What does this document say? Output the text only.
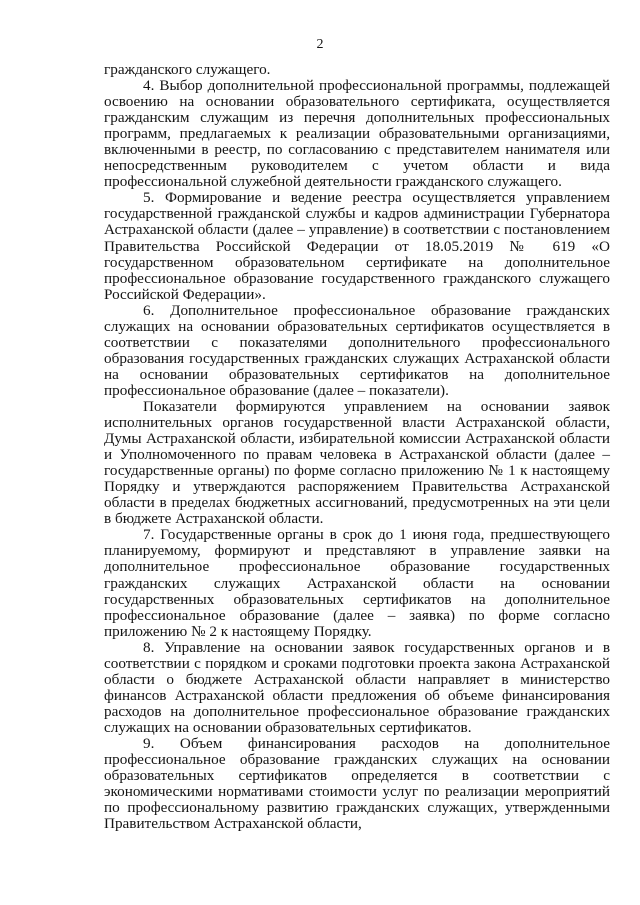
2

гражданского служащего.

4. Выбор дополнительной профессиональной программы, подлежащей освоению на основании образовательного сертификата, осуществляется гражданским служащим из перечня дополнительных профессиональных программ, предлагаемых к реализации образовательными организациями, включенными в реестр, по согласованию с представителем нанимателя или непосредственным руководителем с учетом области и вида профессиональной служебной деятельности гражданского служащего.

5. Формирование и ведение реестра осуществляется управлением государственной гражданской службы и кадров администрации Губернатора Астраханской области (далее – управление) в соответствии с постановлением Правительства Российской Федерации от 18.05.2019 № 619 «О государственном образовательном сертификате на дополнительное профессиональное образование государственного гражданского служащего Российской Федерации».

6. Дополнительное профессиональное образование гражданских служащих на основании образовательных сертификатов осуществляется в соответствии с показателями дополнительного профессионального образования государственных гражданских служащих Астраханской области на основании образовательных сертификатов на дополнительное профессиональное образование (далее – показатели).

Показатели формируются управлением на основании заявок исполнительных органов государственной власти Астраханской области, Думы Астраханской области, избирательной комиссии Астраханской области и Уполномоченного по правам человека в Астраханской области (далее – государственные органы) по форме согласно приложению № 1 к настоящему Порядку и утверждаются распоряжением Правительства Астраханской области в пределах бюджетных ассигнований, предусмотренных на эти цели в бюджете Астраханской области.

7. Государственные органы в срок до 1 июня года, предшествующего планируемому, формируют и представляют в управление заявки на дополнительное профессиональное образование государственных гражданских служащих Астраханской области на основании государственных образовательных сертификатов на дополнительное профессиональное образование (далее – заявка) по форме согласно приложению № 2 к настоящему Порядку.

8. Управление на основании заявок государственных органов и в соответствии с порядком и сроками подготовки проекта закона Астраханской области о бюджете Астраханской области направляет в министерство финансов Астраханской области предложения об объеме финансирования расходов на дополнительное профессиональное образование гражданских служащих на основании образовательных сертификатов.

9. Объем финансирования расходов на дополнительное профессиональное образование гражданских служащих на основании образовательных сертификатов определяется в соответствии с экономическими нормативами стоимости услуг по реализации мероприятий по профессиональному развитию гражданских служащих, утвержденными Правительством Астраханской области,
